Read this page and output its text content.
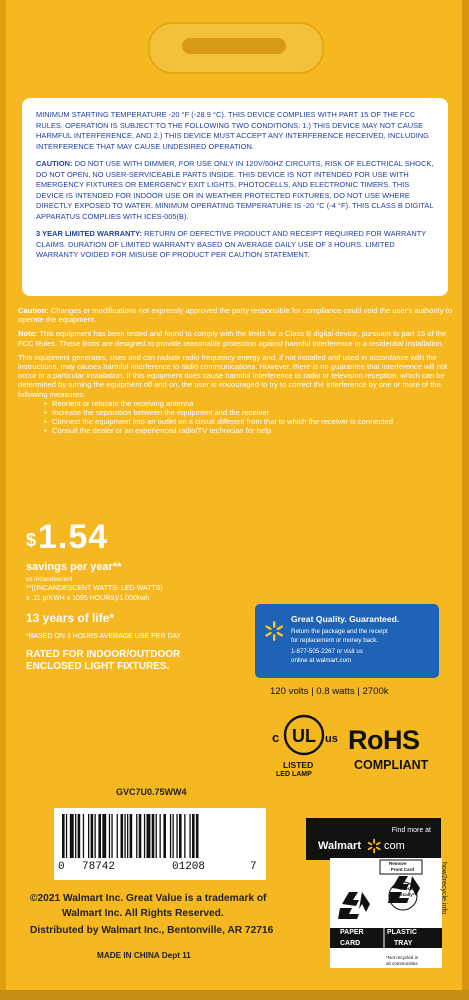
MINIMUM STARTING TEMPERATURE -20 °F (-28.9 °C). THIS DEVICE COMPLIES WITH PART 15 OF THE FCC RULES. OPERATION IS SUBJECT TO THE FOLLOWING TWO CONDITIONS: 1.) THIS DEVICE MAY NOT CAUSE HARMFUL INTERFERENCE, AND 2.) THIS DEVICE MUST ACCEPT ANY INTERFERENCE RECEIVED, INCLUDING INTERFERENCE THAT MAY CAUSE UNDESIRED OPERATION.

CAUTION: DO NOT USE WITH DIMMER, FOR USE ONLY IN 120V/60HZ CIRCUITS, RISK OF ELECTRICAL SHOCK, DO NOT OPEN, NO USER-SERVICEABLE PARTS INSIDE. THIS DEVICE IS NOT INTENDED FOR USE WITH EMERGENCY FIXTURES OR EMERGENCY EXIT LIGHTS, PHOTOCELLS, AND ELECTRONIC TIMERS. THIS DEVICE IS INTENDED FOR INDOOR USE OR IN WEATHER PROTECTED FIXTURES, DO NOT USE WHERE DIRECTLY EXPOSED TO WATER. MINIMUM OPERATING TEMPERATURE IS -20 °C (-4 °F). THIS CLASS B DIGITAL APPARATUS COMPLIES WITH ICES-005(B).

3 YEAR LIMITED WARRANTY: RETURN OF DEFECTIVE PRODUCT AND RECEIPT REQUIRED FOR WARRANTY CLAIMS. DURATION OF LIMITED WARRANTY BASED ON AVERAGE DAILY USE OF 3 HOURS. LIMITED WARRANTY VOIDED FOR MISUSE OF PRODUCT PER CAUTION STATEMENT.

Caution: Changes or modifications not expressly approved the party responsible for compliance could void the user's authority to operate the equipment.

Note: This equipment has been tested and found to comply with the limits for a Class B digital device, pursuant to part 15 of the FCC Rules. These limits are designed to provide reasonable protection against harmful interference in a residential installation.

This equipment generates, uses and can radiate radio frequency energy and, if not installed and used in accordance with the instructions, may causes harmful interference to radio communications. However, there is no guarantee that interference will not occur in a particular installation. If this equipment does cause harmful interference to radio or television reception, which can be determined by turning the equipment off and on, the user is encouraged to try to correct the interference by one or more of the following measures:

• Reorient or relocate the receiving antenna
• Increase the separation between the equipment and the receiver
• Connect the equipment into an outlet on a circuit different from that to which the receiver is connected
• Consult the dealer or an experienced radio/TV technician for help
$ 1.54
savings per year**
vs incandescent
**((INCANDESCENT WATTS- LED WATTS)
x .11 p/KWH x 1095 HOURS)/1,000kwh
13 years of life*
*BASED ON 3 HOURS AVERAGE USE PER DAY
RATED FOR INDOOR/OUTDOOR
ENCLOSED LIGHT FIXTURES.
Great Quality. Guaranteed.
Return the package and the receipt
for replacement or money back.
1-877-505-2267 or visit us
online at walmart.com
120 volts | 0.8 watts | 2700k
c UL us
LISTED
LED LAMP
RoHS
COMPLIANT
GVC7U0.75WW4
0 78742	01208	7
Find more at
Walmart com
©2021 Walmart Inc. Great Value is a trademark of
Walmart Inc. All Rights Reserved.
Distributed by Walmart Inc., Bentonville, AR 72716
MADE IN CHINA Dept 11
Remove
Front Card
Check
Locally*
PAPER
CARD
PLASTIC
TRAY
*Not recycled in
all communities
how2recycle.info
